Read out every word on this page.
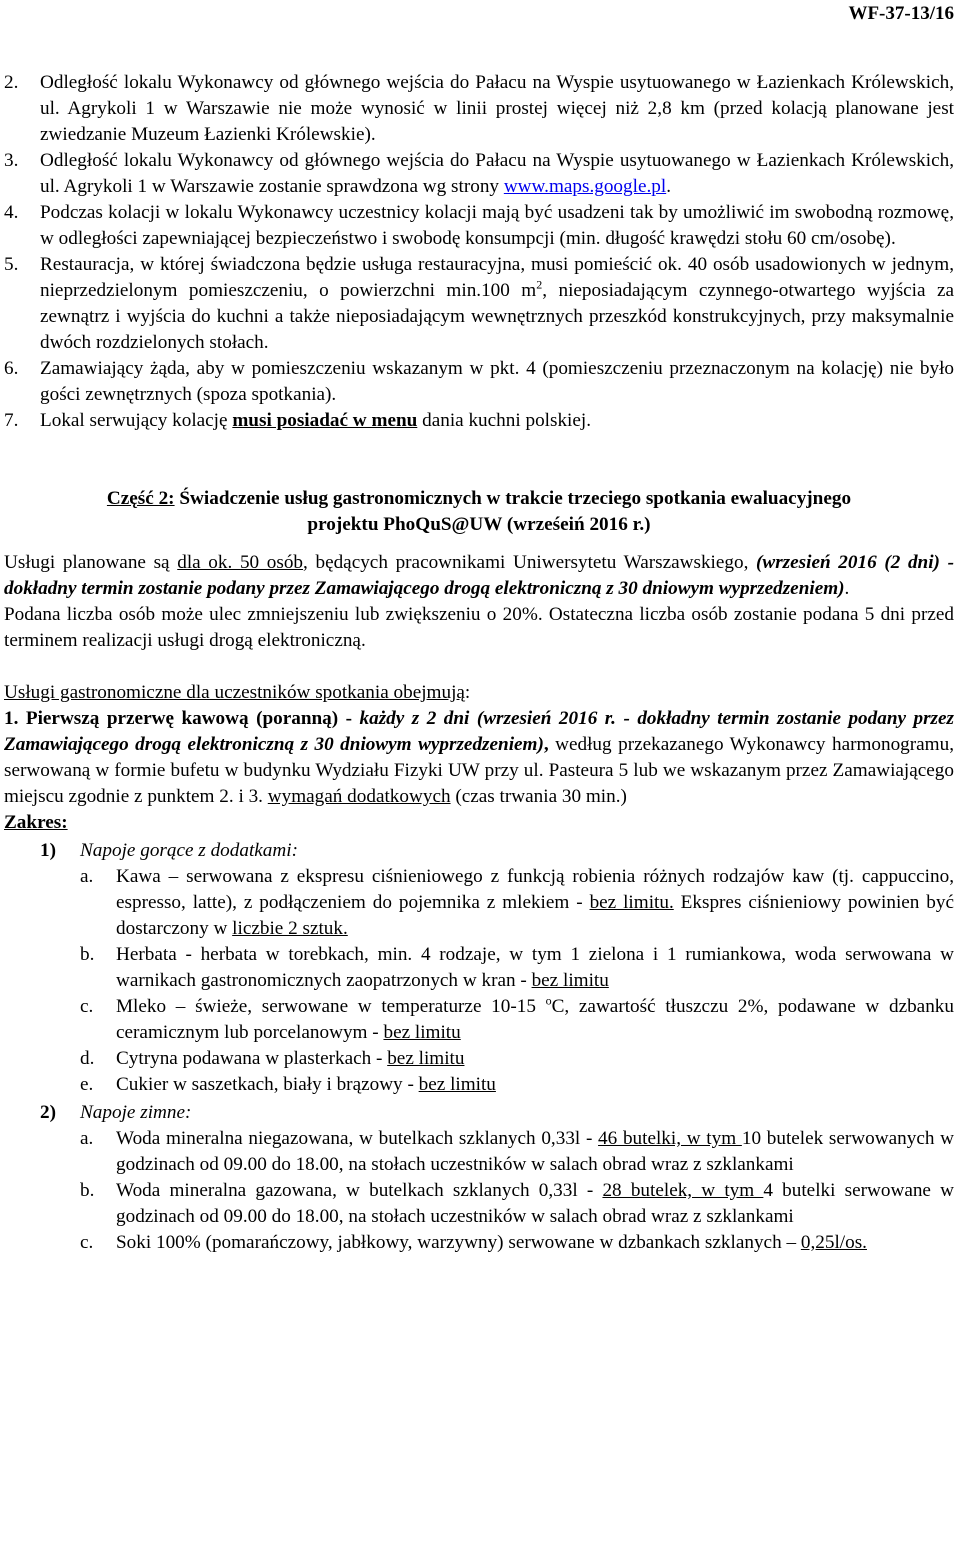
WF-37-13/16
2. Odległość lokalu Wykonawcy od głównego wejścia do Pałacu na Wyspie usytuowanego w Łazienkach Królewskich, ul. Agrykoli 1 w Warszawie nie może wynosić w linii prostej więcej niż 2,8 km (przed kolacją planowane jest zwiedzanie Muzeum Łazienki Królewskie).
3. Odległość lokalu Wykonawcy od głównego wejścia do Pałacu na Wyspie usytuowanego w Łazienkach Królewskich, ul. Agrykoli 1 w Warszawie zostanie sprawdzona wg strony www.maps.google.pl.
4. Podczas kolacji w lokalu Wykonawcy uczestnicy kolacji mają być usadzeni tak by umożliwić im swobodną rozmowę, w odległości zapewniającej bezpieczeństwo i swobodę konsumpcji (min. długość krawędzi stołu 60 cm/osobę).
5. Restauracja, w której świadczona będzie usługa restauracyjna, musi pomieścić ok. 40 osób usadowionych w jednym, nieprzedzielonym pomieszczeniu, o powierzchni min.100 $m^2$, nieposiadającym czynnego-otwartego wyjścia za zewnątrz i wyjścia do kuchni a także nieposiadającym wewnętrznych przeszkód konstrukcyjnych, przy maksymalnie dwóch rozdzielonych stołach.
6. Zamawiający żąda, aby w pomieszczeniu wskazanym w pkt. 4 (pomieszczeniu przeznaczonym na kolację) nie było gości zewnętrznych (spoza spotkania).
7. Lokal serwujący kolację musi posiadać w menu dania kuchni polskiej.
Część 2: Świadczenie usług gastronomicznych w trakcie trzeciego spotkania ewaluacyjnego
projektu PhoQuS@UW (wrześeiń 2016 r.)
Usługi planowane są dla ok. 50 osób, będących pracownikami Uniwersytetu Warszawskiego, (wrzesień 2016 (2 dni) - dokładny termin zostanie podany przez Zamawiającego drogą elektroniczną z 30 dniowym wyprzedzeniem).
Podana liczba osób może ulec zmniejszeniu lub zwiększeniu o 20%. Ostateczna liczba osób zostanie podana 5 dni przed terminem realizacji usługi drogą elektroniczną.
Usługi gastronomiczne dla uczestników spotkania obejmują:
1. Pierwszą przerwę kawową (poranną) - każdy z 2 dni (wrzesień 2016 r. - dokładny termin zostanie podany przez Zamawiającego drogą elektroniczną z 30 dniowym wyprzedzeniem), według przekazanego Wykonawcy harmonogramu, serwowaną w formie bufetu w budynku Wydziału Fizyki UW przy ul. Pasteura 5 lub we wskazanym przez Zamawiającego miejscu zgodnie z punktem 2. i 3. wymagań dodatkowych (czas trwania 30 min.)
Zakres:
1) Napoje gorące z dodatkami:
a. Kawa – serwowana z ekspresu ciśnieniowego z funkcją robienia różnych rodzajów kaw (tj. cappuccino, espresso, latte), z podłączeniem do pojemnika z mlekiem - bez limitu. Ekspres ciśnieniowy powinien być dostarczony w liczbie 2 sztuk.
b. Herbata - herbata w torebkach, min. 4 rodzaje, w tym 1 zielona i 1 rumiankowa, woda serwowana w warnikach gastronomicznych zaopatrzonych w kran - bez limitu
c. Mleko – świeże, serwowane w temperaturze 10-15 $^o$C, zawartość tłuszczu 2%, podawane w dzbanku ceramicznym lub porcelanowym - bez limitu
d. Cytryna podawana w plasterkach - bez limitu
e. Cukier w saszetkach, biały i brązowy - bez limitu
2) Napoje zimne:
a. Woda mineralna niegazowana, w butelkach szklanych 0,33l - 46 butelki, w tym 10 butelek serwowanych w godzinach od 09.00 do 18.00, na stołach uczestników w salach obrad wraz z szklankami
b. Woda mineralna gazowana, w butelkach szklanych 0,33l - 28 butelek, w tym 4 butelki serwowane w godzinach od 09.00 do 18.00, na stołach uczestników w salach obrad wraz z szklankami
c. Soki 100% (pomarańczowy, jabłkowy, warzywny) serwowane w dzbankach szklanych – 0,25l/os.
